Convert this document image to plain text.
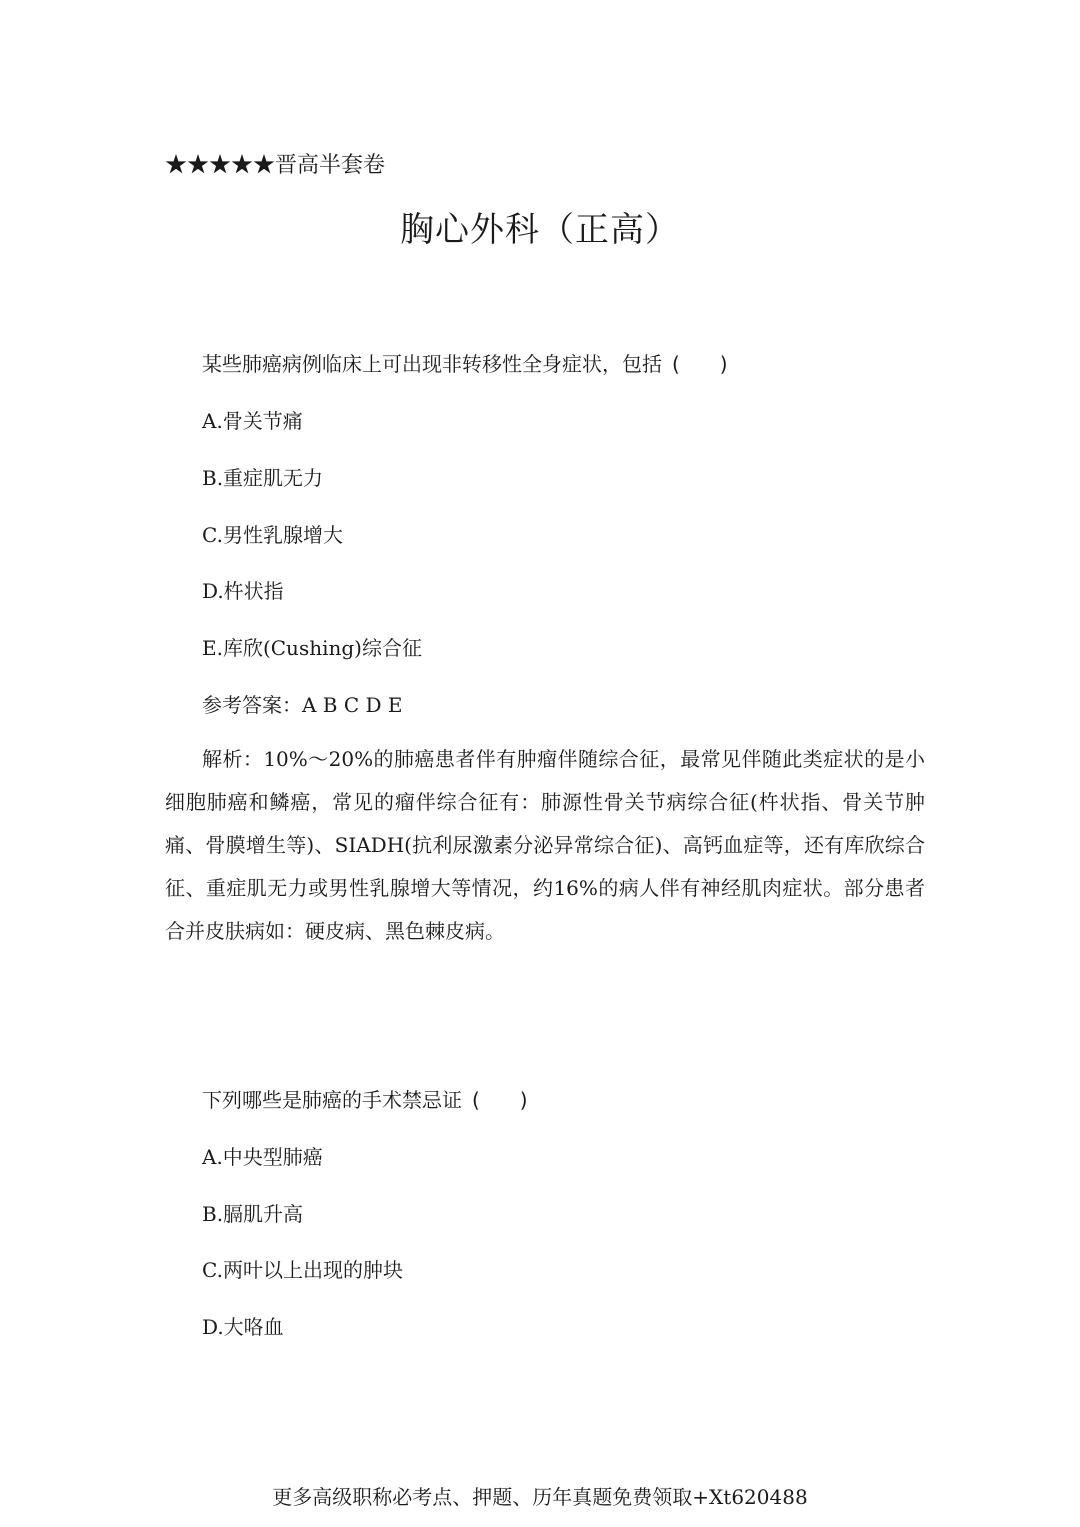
★★★★★晋高半套卷
胸心外科（正高）
某些肺癌病例临床上可出现非转移性全身症状，包括 (　　)
A.骨关节痛
B.重症肌无力
C.男性乳腺增大
D.杵状指
E.库欣(Cushing)综合征
参考答案：A B C D E
解析：10%～20%的肺癌患者伴有肿瘤伴随综合征，最常见伴随此类症状的是小细胞肺癌和鳞癌，常见的瘤伴综合征有：肺源性骨关节病综合征(杵状指、骨关节肿痛、骨膜增生等)、SIADH(抗利尿激素分泌异常综合征)、高钙血症等，还有库欣综合征、重症肌无力或男性乳腺增大等情况，约16%的病人伴有神经肌肉症状。部分患者合并皮肤病如：硬皮病、黑色棘皮病。
下列哪些是肺癌的手术禁忌证 (　　)
A.中央型肺癌
B.膈肌升高
C.两叶以上出现的肿块
D.大咯血
更多高级职称必考点、押题、历年真题免费领取+Xt620488
